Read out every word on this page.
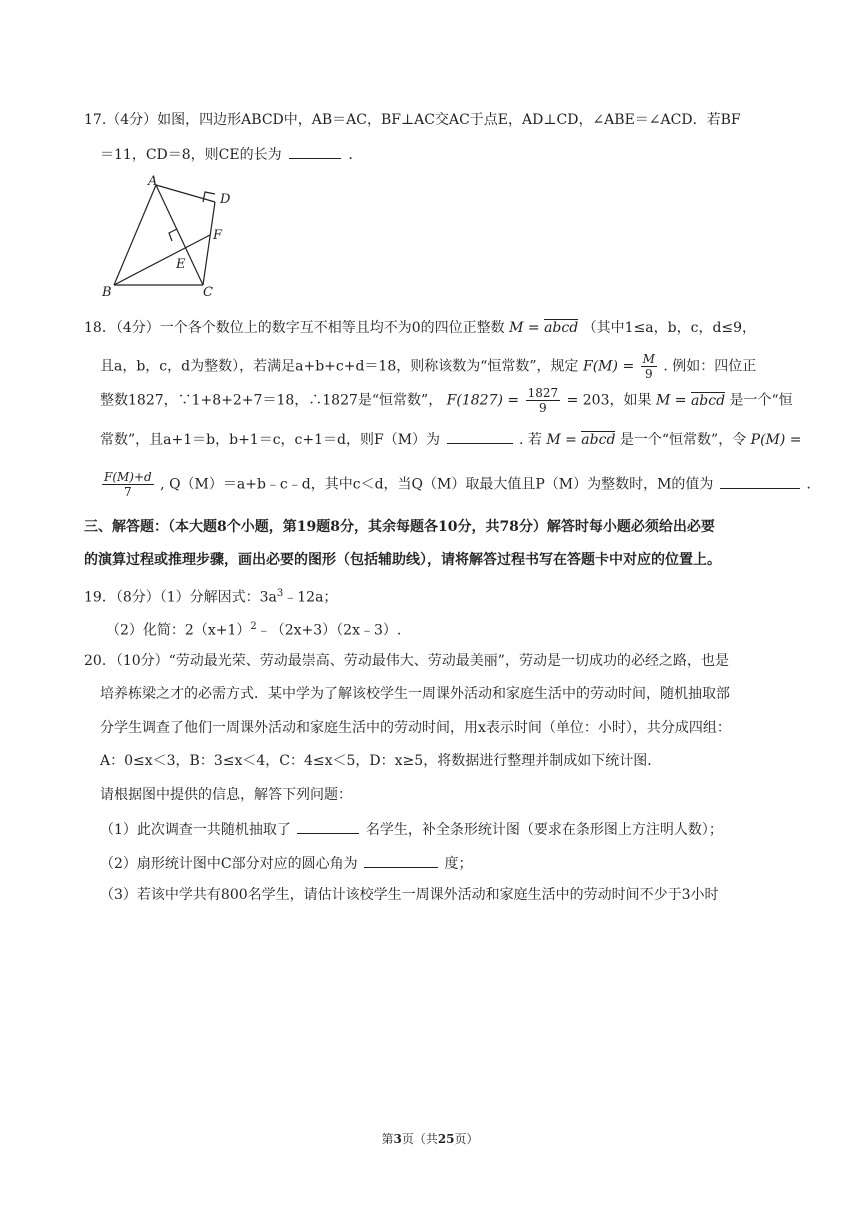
17.（4分）如图，四边形ABCD中，AB＝AC，BF⊥AC交AC于点E，AD⊥CD，∠ABE＝∠ACD．若BF
＝11，CD＝8，则CE的长为	．
A
B	C
D
E
F
18．（4分）一个各个数位上的数字互不相等且均不为0的四位正整数 M = abcd （其中1≤a，b，c，d≤9，
且a，b，c，d为整数），若满足a+b+c+d＝18，则称该数为“恒常数”，规定 $F(M) = \frac{M}{9}$ . 例如：四位正
整数1827，∵1+8+2+7＝18，∴1827是“恒常数”， $F(1827) = \frac{1827}{9} = 203$，如果 M = abcd 是一个“恒
常数”，且a+1＝b，b+1＝c，c+1＝d，则F（M）为	. 若 M = abcd 是一个“恒常数”，令 P(M) =
$\frac{F(M)+d}{7}$ , Q（M）＝a+b﹣c﹣d，其中c＜d，当Q（M）取最大值且P（M）为整数时，M的值为	.
三、解答题：（本大题8个小题，第19题8分，其余每题各10分，共78分）解答时每小题必须给出必要
的演算过程或推理步骤，画出必要的图形（包括辅助线），请将解答过程书写在答题卡中对应的位置上。
19．（8分）（1）分解因式：$3a^3﹣12a$；
（2）化简：$2(x+1)^2﹣(2x+3)(2x﹣3)$.
20．（10分）“劳动最光荣、劳动最崇高、劳动最伟大、劳动最美丽”，劳动是一切成功的必经之路，也是
培养栋梁之才的必需方式．某中学为了解该校学生一周课外活动和家庭生活中的劳动时间，随机抽取部
分学生调查了他们一周课外活动和家庭生活中的劳动时间，用x表示时间（单位：小时），共分成四组：
A：0≤x＜3，B：3≤x＜4，C：4≤x＜5，D：x≥5，将数据进行整理并制成如下统计图．
请根据图中提供的信息，解答下列问题：
（1）此次调查一共随机抽取了	名学生，补全条形统计图（要求在条形图上方注明人数）；
（2）扇形统计图中C部分对应的圆心角为	度；
（3）若该中学共有800名学生，请估计该校学生一周课外活动和家庭生活中的劳动时间不少于3小时
第3页（共25页）
